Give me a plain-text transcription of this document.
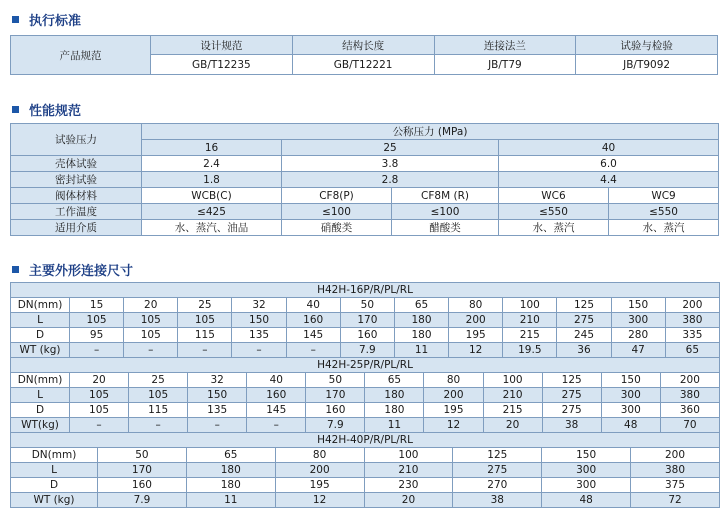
执行标准
产品规范	设计规范	结构长度	连接法兰	试验与检验
	GB/T12235	GB/T12221	JB/T79	JB/T9092
性能规范
试验压力	公称压力 (MPa)				
	16	25		40	
壳体试验	2.4	3.8		6.0	
密封试验	1.8	2.8		4.4	
阀体材料	WCB(C)	CF8(P)	CF8M (R)	WC6	WC9
工作温度	≤425	≤100	≤100	≤550	≤550
适用介质	水、蒸汽、油品	硝酸类	醋酸类	水、蒸汽	水、蒸汽
主要外形连接尺寸
H42H-16P/R/PL/RL												
DN(mm)	15	20	25	32	40	50	65	80	100	125	150	200
L	105	105	105	150	160	170	180	200	210	275	300	380
D	95	105	115	135	145	160	180	195	215	245	280	335
WT (kg)	–	–	–	–	–	7.9	11	12	19.5	36	47	65
H42H-25P/R/PL/RL											
DN(mm)	20	25	32	40	50	65	80	100	125	150	200
L	105	105	150	160	170	180	200	210	275	300	380
D	105	115	135	145	160	180	195	215	275	300	360
WT(kg)	–	–	–	–	7.9	11	12	20	38	48	70
H42H-40P/R/PL/RL							
DN(mm)	50	65	80	100	125	150	200
L	170	180	200	210	275	300	380
D	160	180	195	230	270	300	375
WT (kg)	7.9	11	12	20	38	48	72
